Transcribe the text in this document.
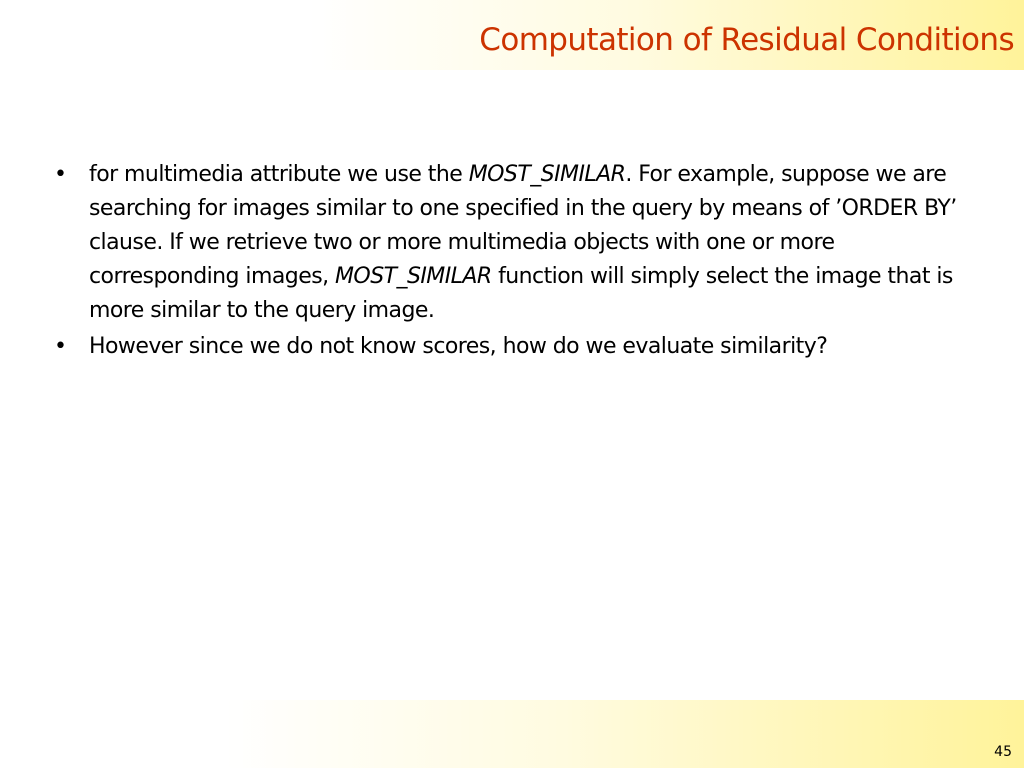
Computation of Residual Conditions
• for multimedia attribute we use the MOST_SIMILAR. For example, suppose we are searching for images similar to one specified in the query by means of ’ORDER BY’ clause. If we retrieve two or more multimedia objects with one or more corresponding images, MOST_SIMILAR function will simply select the image that is more similar to the query image.
• However since we do not know scores, how do we evaluate similarity?
45
